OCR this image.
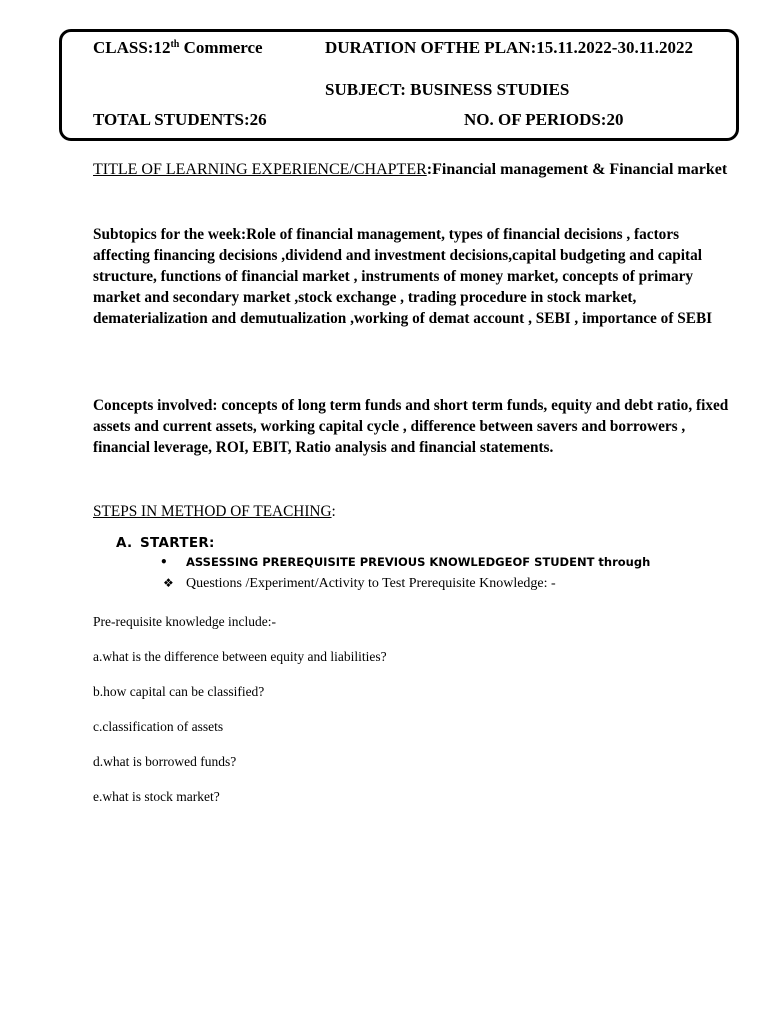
CLASS:12th Commerce	DURATION OFTHE PLAN:15.11.2022-30.11.2022
SUBJECT: BUSINESS STUDIES
TOTAL STUDENTS:26	NO. OF PERIODS:20
TITLE OF LEARNING EXPERIENCE/CHAPTER:Financial management & Financial market
Subtopics for the week:Role of financial management, types of financial decisions , factors affecting financing decisions ,dividend and investment decisions,capital budgeting and capital structure, functions of financial market , instruments of money market, concepts of primary market and secondary market ,stock exchange , trading procedure in stock market, dematerialization and demutualization ,working of demat account , SEBI , importance of SEBI
Concepts involved: concepts of long term funds and short term funds, equity and debt ratio, fixed assets and current assets, working capital cycle , difference between savers and borrowers , financial leverage, ROI, EBIT, Ratio analysis and financial statements.
STEPS IN METHOD OF TEACHING:
A. STARTER:
• ASSESSING PREREQUISITE PREVIOUS KNOWLEDGEOF STUDENT through
❖ Questions /Experiment/Activity to Test Prerequisite Knowledge: -
Pre-requisite knowledge include:-
a.what is the difference between equity and liabilities?
b.how capital can be classified?
c.classification of assets
d.what is borrowed funds?
e.what is stock market?
